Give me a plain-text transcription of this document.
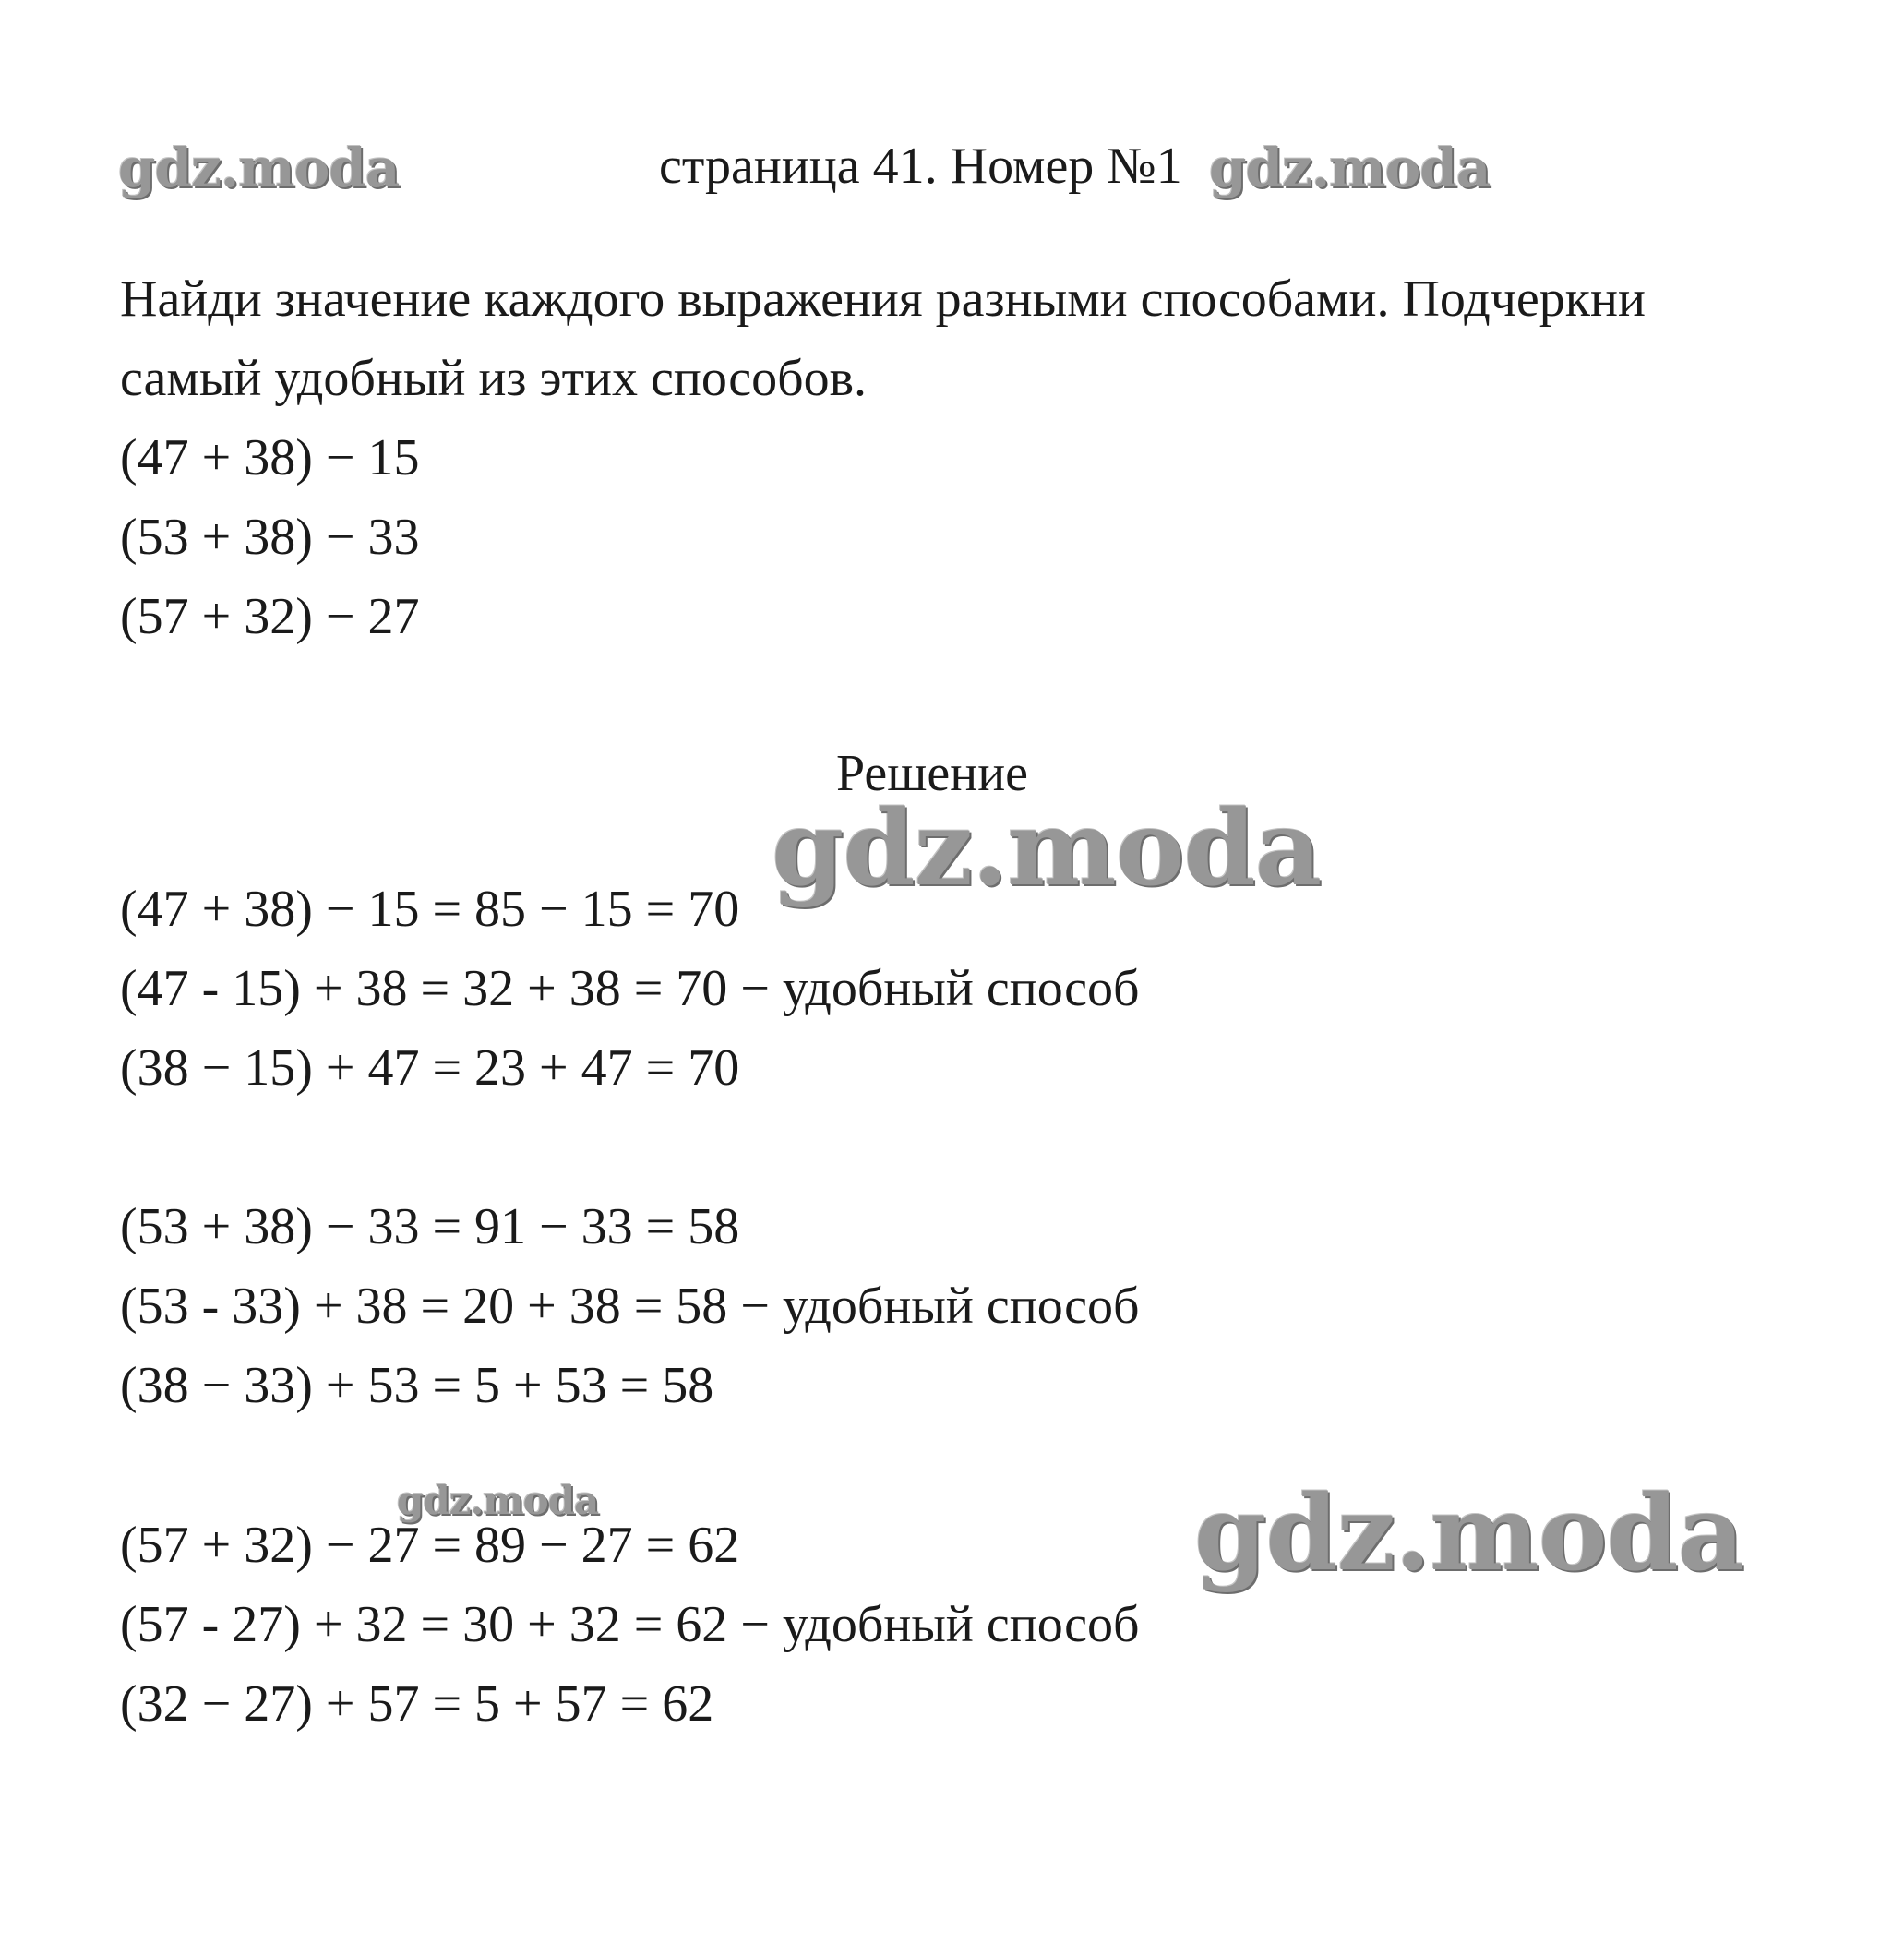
gdz.moda	gdz.moda
gdz.moda
gdz.moda	gdz.moda
страница 41. Номер №1
Найди значение каждого выражения разными способами. Подчеркни
самый удобный из этих способов.
(47 + 38) − 15
(53 + 38) − 33
(57 + 32) − 27
Решение
(47 + 38) − 15 = 85 − 15 = 70
(47 - 15) + 38 = 32 + 38 = 70 − удобный способ
(38 − 15) + 47 = 23 + 47 = 70
(53 + 38) − 33 = 91 − 33 = 58
(53 - 33) + 38 = 20 + 38 = 58 − удобный способ
(38 − 33) + 53 = 5 + 53 = 58
(57 + 32) − 27 = 89 − 27 = 62
(57 - 27) + 32 = 30 + 32 = 62 − удобный способ
(32 − 27) + 57 = 5 + 57 = 62
